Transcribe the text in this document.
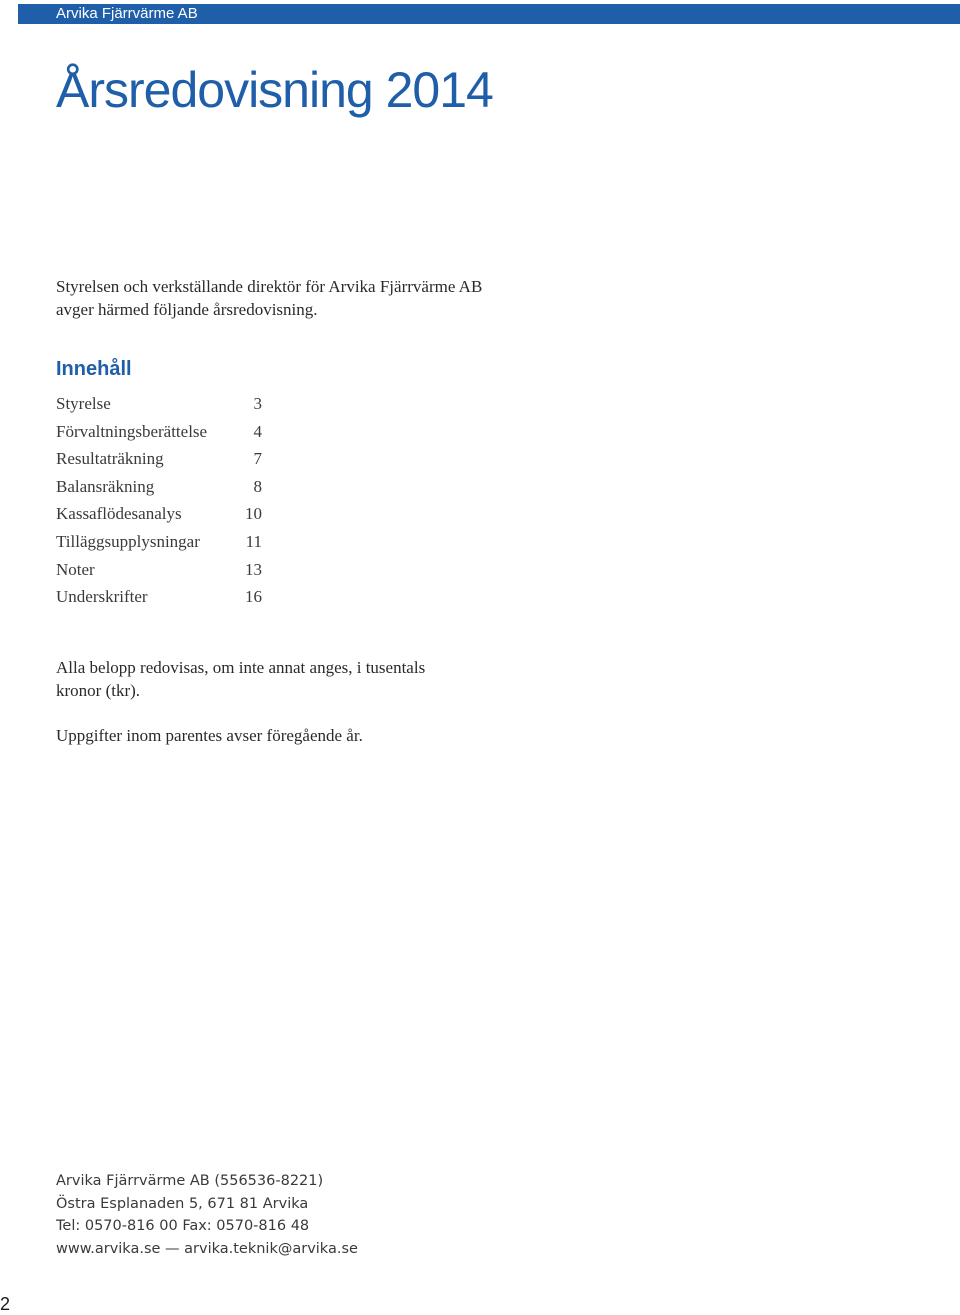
Arvika Fjärrvärme AB
Årsredovisning 2014

Styrelsen och verkställande direktör för Arvika Fjärrvärme AB
avger härmed följande årsredovisning.

Innehåll
Styrelse	3
Förvaltningsberättelse	4
Resultaträkning	7
Balansräkning	8
Kassaflödesanalys	10
Tilläggsupplysningar	11
Noter	13
Underskrifter	16

Alla belopp redovisas, om inte annat anges, i tusentals
kronor (tkr).

Uppgifter inom parentes avser föregående år.

Arvika Fjärrvärme AB (556536-8221)
Östra Esplanaden 5, 671 81 Arvika
Tel: 0570-816 00 Fax: 0570-816 48
www.arvika.se — arvika.teknik@arvika.se
2
